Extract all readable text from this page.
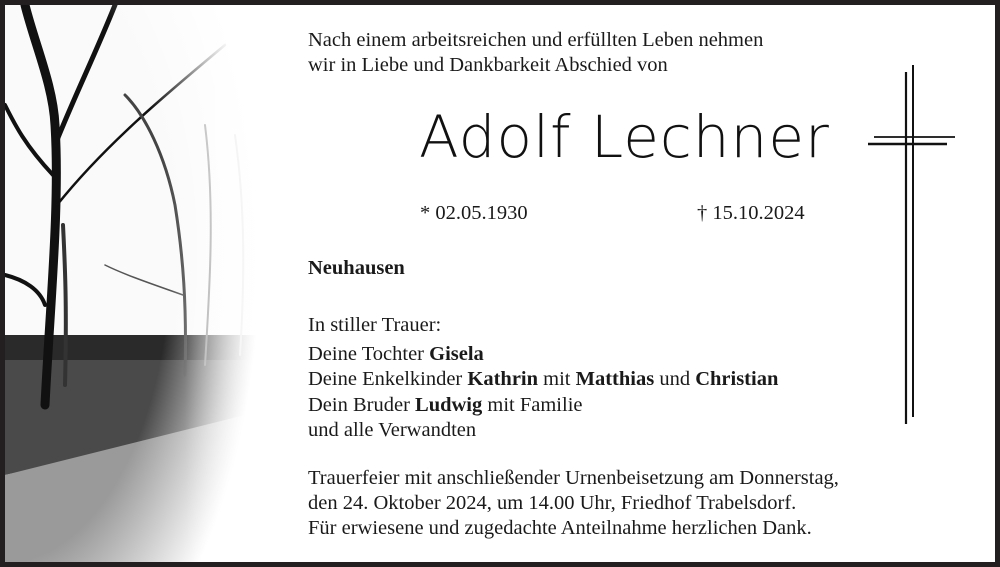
Nach einem arbeitsreichen und erfüllten Leben nehmen
wir in Liebe und Dankbarkeit Abschied von
Adolf Lechner
* 02.05.1930	† 15.10.2024
Neuhausen
In stiller Trauer:
Deine Tochter Gisela
Deine Enkelkinder Kathrin mit Matthias und Christian
Dein Bruder Ludwig mit Familie
und alle Verwandten
Trauerfeier mit anschließender Urnenbeisetzung am Donnerstag,
den 24. Oktober 2024, um 14.00 Uhr, Friedhof Trabelsdorf.
Für erwiesene und zugedachte Anteilnahme herzlichen Dank.
